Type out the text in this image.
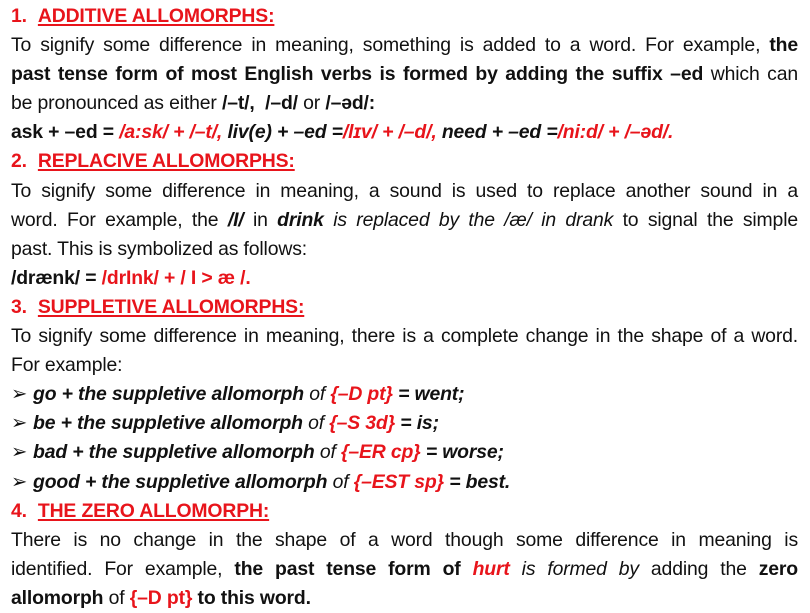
1. ADDITIVE ALLOMORPHS:
To signify some difference in meaning, something is added to a word. For example, the
past tense form of most English verbs is formed by adding the suffix –ed which can
be pronounced as either /–t/, /–d/ or /–əd/:
ask + –ed = /a:sk/ + /–t/, liv(e) + –ed =/lɪv/ + /–d/, need + –ed =/ni:d/ + /–əd/.
2. REPLACIVE ALLOMORPHS:
To signify some difference in meaning, a sound is used to replace another sound in a
word. For example, the /I/ in drink is replaced by the /æ/ in drank to signal the simple
past. This is symbolized as follows:
/drænk/ = /drInk/ + / I > æ /.
3. SUPPLETIVE ALLOMORPHS:
To signify some difference in meaning, there is a complete change in the shape of a word.
For example:
➢ go + the suppletive allomorph of {–D pt} = went;
➢ be + the suppletive allomorph of {–S 3d} = is;
➢ bad + the suppletive allomorph of {–ER cp} = worse;
➢ good + the suppletive allomorph of {–EST sp} = best.
4. THE ZERO ALLOMORPH:
There is no change in the shape of a word though some difference in meaning is
identified. For example, the past tense form of hurt is formed by adding the zero
allomorph of {–D pt} to this word.
